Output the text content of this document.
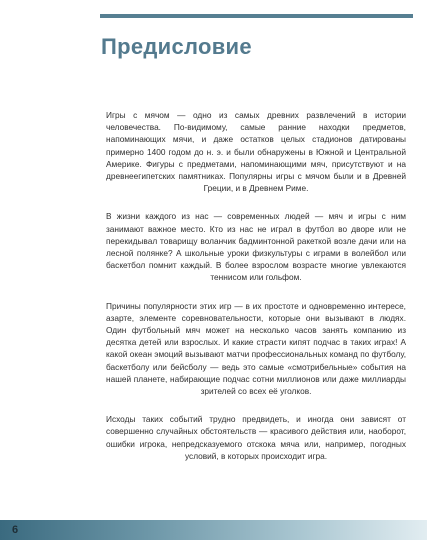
Предисловие

Игры с мячом — одно из самых древних развлечений в истории человечества. По-видимому, самые ранние находки предметов, напоминающих мячи, и даже остатков целых стадионов датированы примерно 1400 годом до н. э. и были обнаружены в Южной и Центральной Америке. Фигуры с предметами, напоминающими мяч, присутствуют и на древнеегипетских памятниках. Популярны игры с мячом были и в Древней Греции, и в Древнем Риме.

В жизни каждого из нас — современных людей — мяч и игры с ним занимают важное место. Кто из нас не играл в футбол во дворе или не перекидывал товарищу воланчик бадминтонной ракеткой возле дачи или на лесной полянке? А школьные уроки физкультуры с играми в волейбол или баскетбол помнит каждый. В более взрослом возрасте многие увлекаются теннисом или гольфом.

Причины популярности этих игр — в их простоте и одновременно интересе, азарте, элементе соревновательности, которые они вызывают в людях. Один футбольный мяч может на несколько часов занять компанию из десятка детей или взрослых. И какие страсти кипят подчас в таких играх! А какой океан эмоций вызывают матчи профессиональных команд по футболу, баскетболу или бейсболу — ведь это самые «смотрибельные» события на нашей планете, набирающие подчас сотни миллионов или даже миллиарды зрителей со всех её уголков.

Исходы таких событий трудно предвидеть, и иногда они зависят от совершенно случайных обстоятельств — красивого действия или, наоборот, ошибки игрока, непредсказуемого отскока мяча или, например, погодных условий, в которых происходит игра.

6
